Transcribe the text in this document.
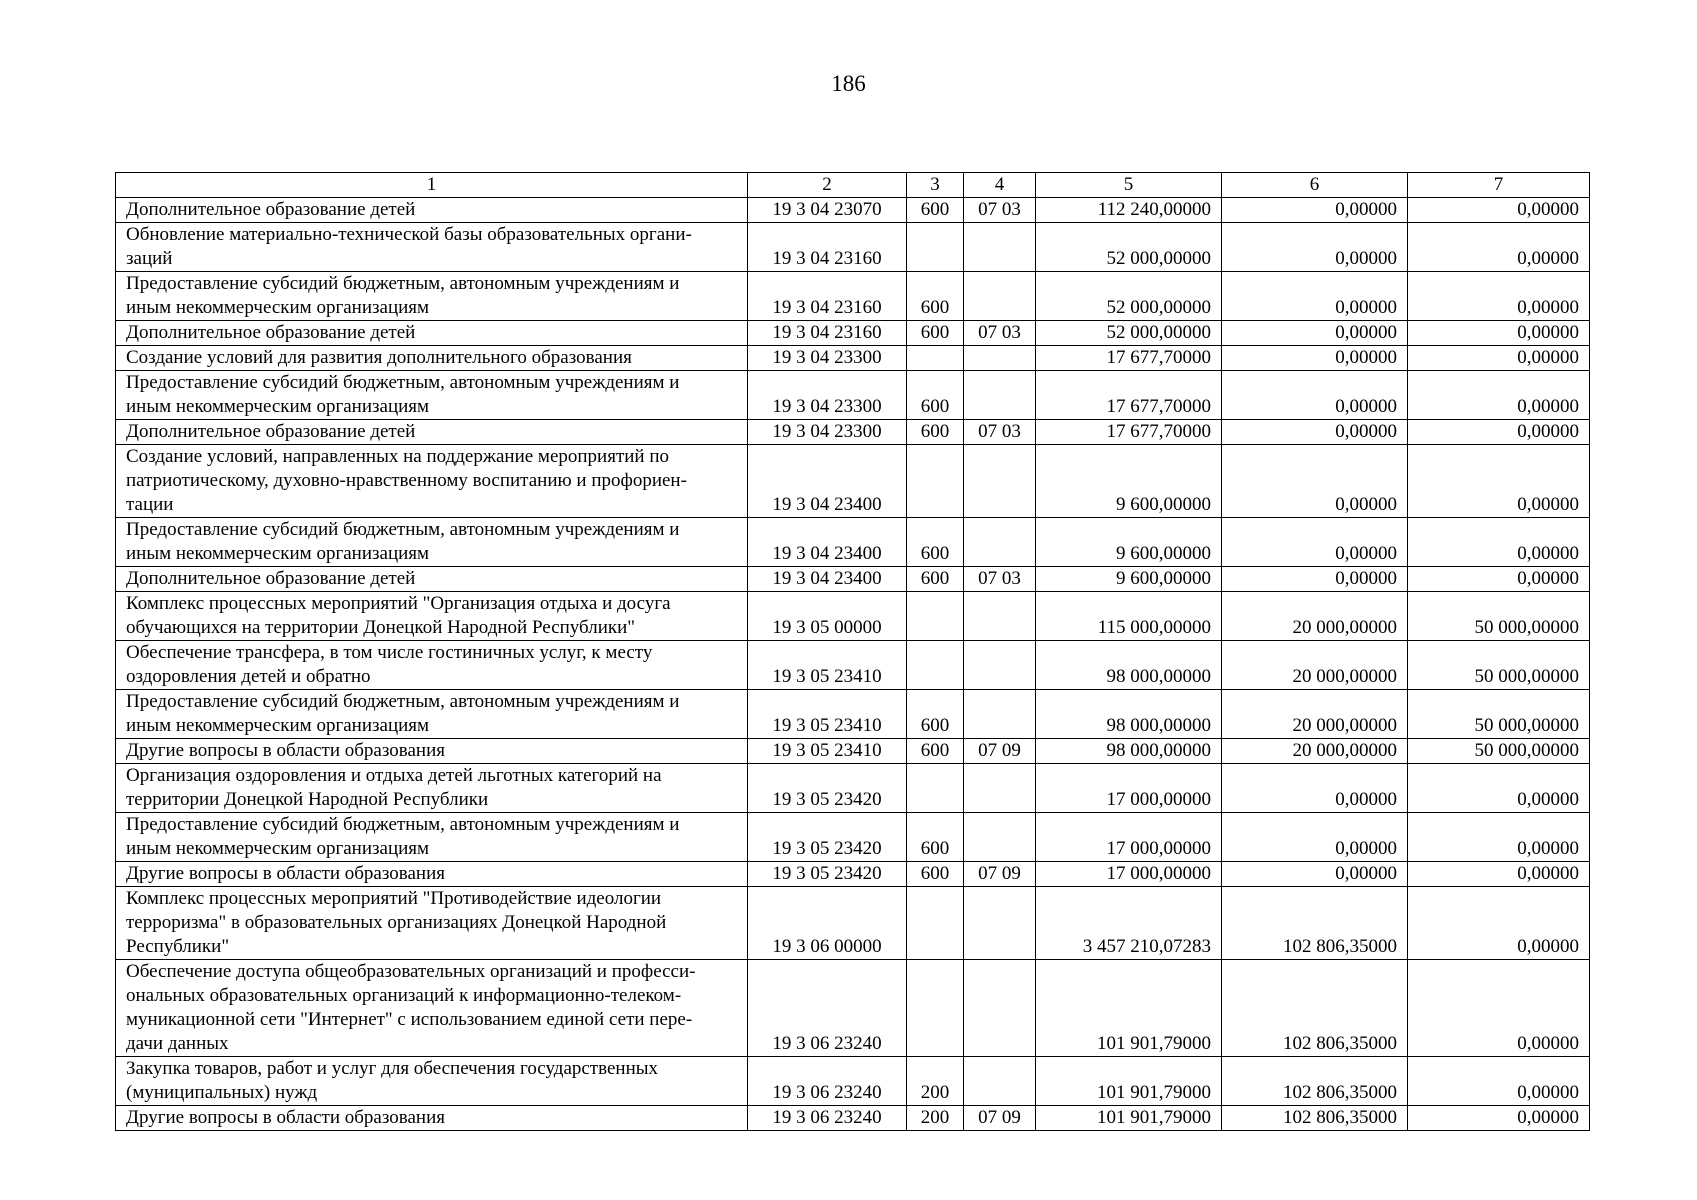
186
1	2	3	4	5	6	7

Дополнительное образование детей	19 3 04 23070	600	07 03	112 240,00000	0,00000	0,00000

Обновление материально-технической базы образовательных органи-
заций	19 3 04 23160			52 000,00000	0,00000	0,00000

Предоставление субсидий бюджетным, автономным учреждениям и
иным некоммерческим организациям	19 3 04 23160	600		52 000,00000	0,00000	0,00000

Дополнительное образование детей	19 3 04 23160	600	07 03	52 000,00000	0,00000	0,00000

Создание условий для развития дополнительного образования	19 3 04 23300			17 677,70000	0,00000	0,00000

Предоставление субсидий бюджетным, автономным учреждениям и
иным некоммерческим организациям	19 3 04 23300	600		17 677,70000	0,00000	0,00000

Дополнительное образование детей	19 3 04 23300	600	07 03	17 677,70000	0,00000	0,00000

Создание условий, направленных на поддержание мероприятий по
патриотическому, духовно-нравственному воспитанию и профориен-
тации	19 3 04 23400			9 600,00000	0,00000	0,00000

Предоставление субсидий бюджетным, автономным учреждениям и
иным некоммерческим организациям	19 3 04 23400	600		9 600,00000	0,00000	0,00000

Дополнительное образование детей	19 3 04 23400	600	07 03	9 600,00000	0,00000	0,00000

Комплекс процессных мероприятий "Организация отдыха и досуга
обучающихся на территории Донецкой Народной Республики"	19 3 05 00000			115 000,00000	20 000,00000	50 000,00000

Обеспечение трансфера, в том числе гостиничных услуг, к месту
оздоровления детей и обратно	19 3 05 23410			98 000,00000	20 000,00000	50 000,00000

Предоставление субсидий бюджетным, автономным учреждениям и
иным некоммерческим организациям	19 3 05 23410	600		98 000,00000	20 000,00000	50 000,00000

Другие вопросы в области образования	19 3 05 23410	600	07 09	98 000,00000	20 000,00000	50 000,00000

Организация оздоровления и отдыха детей льготных категорий на
территории Донецкой Народной Республики	19 3 05 23420			17 000,00000	0,00000	0,00000

Предоставление субсидий бюджетным, автономным учреждениям и
иным некоммерческим организациям	19 3 05 23420	600		17 000,00000	0,00000	0,00000

Другие вопросы в области образования	19 3 05 23420	600	07 09	17 000,00000	0,00000	0,00000

Комплекс процессных мероприятий "Противодействие идеологии
терроризма" в образовательных организациях Донецкой Народной
Республики"	19 3 06 00000			3 457 210,07283	102 806,35000	0,00000

Обеспечение доступа общеобразовательных организаций и професси-
ональных образовательных организаций к информационно-телеком-
муникационной сети "Интернет" с использованием единой сети пере-
дачи данных	19 3 06 23240			101 901,79000	102 806,35000	0,00000

Закупка товаров, работ и услуг для обеспечения государственных
(муниципальных) нужд	19 3 06 23240	200		101 901,79000	102 806,35000	0,00000

Другие вопросы в области образования	19 3 06 23240	200	07 09	101 901,79000	102 806,35000	0,00000
